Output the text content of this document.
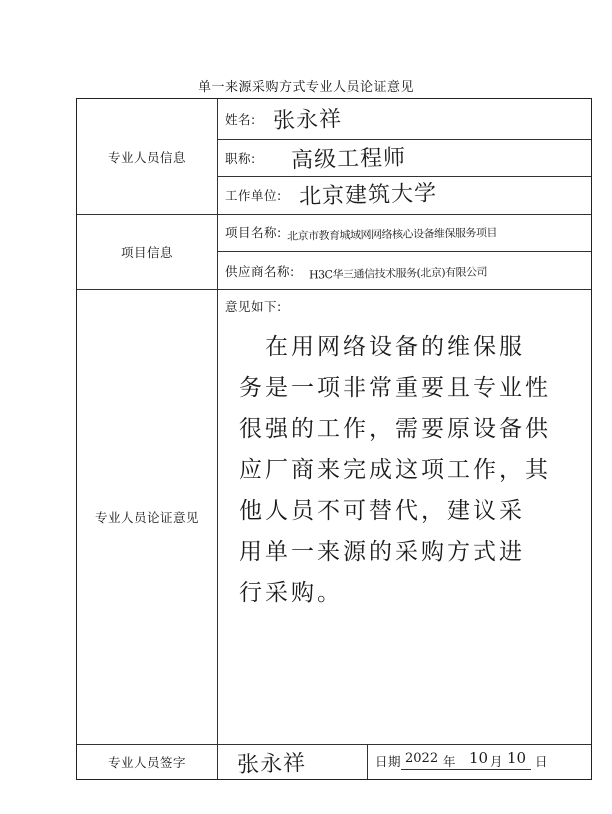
单一来源采购方式专业人员论证意见
专业人员信息
项目信息
专业人员论证意见
专业人员签字
姓名: 张永祥
职称: 高级工程师
工作单位: 北京建筑大学
项目名称: 北京市教育城域网网络核心设备维保服务项目
供应商名称: H3C华三通信技术服务(北京)有限公司
意见如下:
　在用网络设备的维保服
务是一项非常重要且专业性
很强的工作，需要原设备供
应厂商来完成这项工作，其
他人员不可替代，建议采
用单一来源的采购方式进
行采购。
张永祥	日期 2022 年 10 月 10 日
